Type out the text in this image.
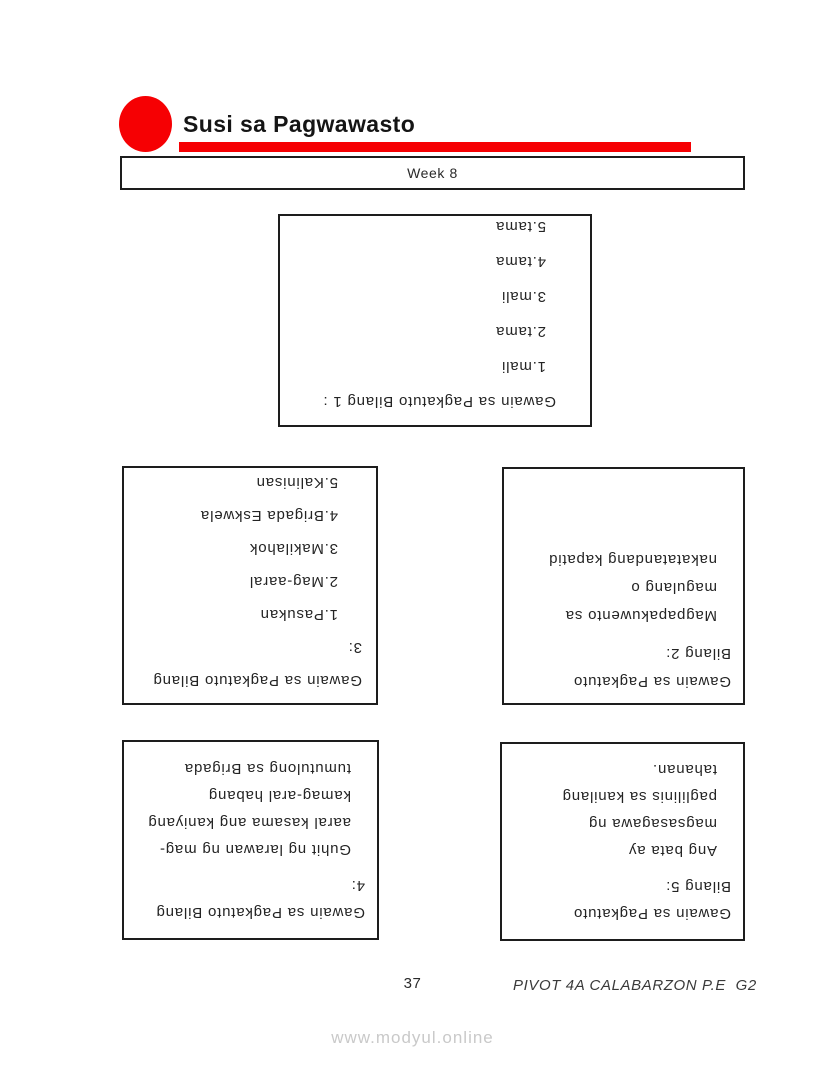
Susi sa Pagwawasto
Week 8
Gawain sa Pagkatuto Bilang 1 :
1.mali
2.tama
3.mali
4.tama
5.tama
Gawain sa Pagkatuto Bilang
3:
1.Pasukan
2.Mag-aaral
3.Makilahok
4.Brigada Eskwela
5.Kalinisan
Gawain sa Pagkatuto
Bilang 2:
Magpapakuwento sa
magulang o
nakatatandang kapatid
Gawain sa Pagkatuto Bilang
4:
Guhit ng larawan ng mag-
aaral kasama ang kaniyang
kamag-aral habang
tumutulong sa Brigada
Gawain sa Pagkatuto
Bilang 5:
Ang bata ay
magsasagawa ng
paglilinis sa kanilang
tahanan.
37	PIVOT 4A CALABARZON P.E  G2
www.modyul.online
